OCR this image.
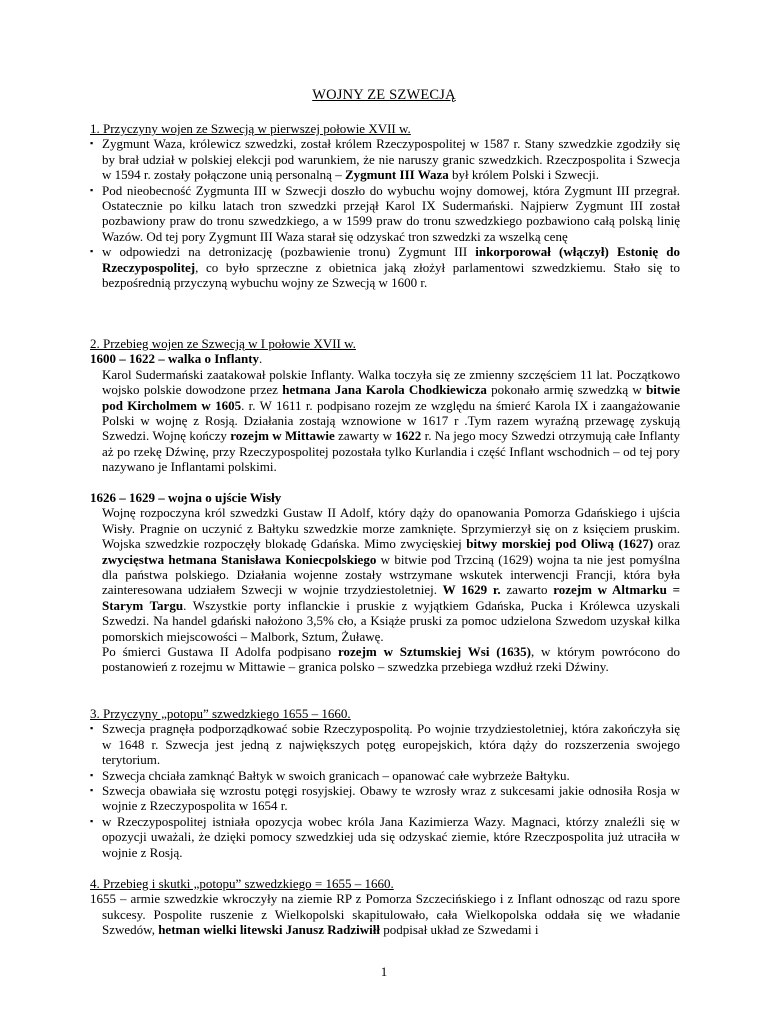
WOJNY ZE SZWECJĄ
1. Przyczyny wojen ze Szwecją w pierwszej połowie XVII w.
▪ Zygmunt Waza, królewicz szwedzki, został królem Rzeczypospolitej w 1587 r. Stany szwedzkie zgodziły się by brał udział w polskiej elekcji pod warunkiem, że nie naruszy granic szwedzkich. Rzeczpospolita i Szwecja w 1594 r. zostały połączone unią personalną – Zygmunt III Waza był królem Polski i Szwecji.
▪ Pod nieobecność Zygmunta III w Szwecji doszło do wybuchu wojny domowej, która Zygmunt III przegrał. Ostatecznie po kilku latach tron szwedzki przejął Karol IX Sudermański. Najpierw Zygmunt III został pozbawiony praw do tronu szwedzkiego, a w 1599 praw do tronu szwedzkiego pozbawiono całą polską linię Wazów. Od tej pory Zygmunt III Waza starał się odzyskać tron szwedzki za wszelką cenę
▪ w odpowiedzi na detronizację (pozbawienie tronu) Zygmunt III inkorporował (włączył) Estonię do Rzeczypospolitej, co było sprzeczne z obietnica jaką złożył parlamentowi szwedzkiemu. Stało się to bezpośrednią przyczyną wybuchu wojny ze Szwecją w 1600 r.
2. Przebieg wojen ze Szwecją w I połowie XVII w.
1600 – 1622 – walka o Inflanty.
Karol Sudermański zaatakował polskie Inflanty. Walka toczyła się ze zmienny szczęściem 11 lat. Początkowo wojsko polskie dowodzone przez hetmana Jana Karola Chodkiewicza pokonało armię szwedzką w bitwie pod Kircholmem w 1605. r. W 1611 r. podpisano rozejm ze względu na śmierć Karola IX i zaangażowanie Polski w wojnę z Rosją. Działania zostają wznowione w 1617 r .Tym razem wyraźną przewagę zyskują Szwedzi. Wojnę kończy rozejm w Mittawie zawarty w 1622 r. Na jego mocy Szwedzi otrzymują całe Inflanty aż po rzekę Dźwinę, przy Rzeczypospolitej pozostała tylko Kurlandia i część Inflant wschodnich – od tej pory nazywano je Inflantami polskimi.
1626 – 1629 – wojna o ujście Wisły
Wojnę rozpoczyna król szwedzki Gustaw II Adolf, który dąży do opanowania Pomorza Gdańskiego i ujścia Wisły. Pragnie on uczynić z Bałtyku szwedzkie morze zamknięte. Sprzymierzył się on z księciem pruskim. Wojska szwedzkie rozpoczęły blokadę Gdańska. Mimo zwycięskiej bitwy morskiej pod Oliwą (1627) oraz zwycięstwa hetmana Stanisława Koniecpolskiego w bitwie pod Trzciną (1629) wojna ta nie jest pomyślna dla państwa polskiego. Działania wojenne zostały wstrzymane wskutek interwencji Francji, która była zainteresowana udziałem Szwecji w wojnie trzydziestoletniej. W 1629 r. zawarto rozejm w Altmarku = Starym Targu. Wszystkie porty inflanckie i pruskie z wyjątkiem Gdańska, Pucka i Królewca uzyskali Szwedzi. Na handel gdański nałożono 3,5% cło, a Książe pruski za pomoc udzielona Szwedom uzyskał kilka pomorskich miejscowości – Malbork, Sztum, Żuławę.
Po śmierci Gustawa II Adolfa podpisano rozejm w Sztumskiej Wsi (1635), w którym powrócono do postanowień z rozejmu w Mittawie – granica polsko – szwedzka przebiega wzdłuż rzeki Dźwiny.
3. Przyczyny „potopu” szwedzkiego 1655 – 1660.
▪ Szwecja pragnęła podporządkować sobie Rzeczypospolitą. Po wojnie trzydziestoletniej, która zakończyła się w 1648 r. Szwecja jest jedną z największych potęg europejskich, która dąży do rozszerzenia swojego terytorium.
▪ Szwecja chciała zamknąć Bałtyk w swoich granicach – opanować całe wybrzeże Bałtyku.
▪ Szwecja obawiała się wzrostu potęgi rosyjskiej. Obawy te wzrosły wraz z sukcesami jakie odnosiła Rosja w wojnie z Rzeczypospolita w 1654 r.
▪ w Rzeczypospolitej istniała opozycja wobec króla Jana Kazimierza Wazy. Magnaci, którzy znaleźli się w opozycji uważali, że dzięki pomocy szwedzkiej uda się odzyskać ziemie, które Rzeczpospolita już utraciła w wojnie z Rosją.
4. Przebieg i skutki „potopu” szwedzkiego = 1655 – 1660.
1655 – armie szwedzkie wkroczyły na ziemie RP z Pomorza Szczecińskiego i z Inflant odnosząc od razu spore sukcesy. Pospolite ruszenie z Wielkopolski skapitulowało, cała Wielkopolska oddała się we władanie Szwedów, hetman wielki litewski Janusz Radziwiłł podpisał układ ze Szwedami i
1
